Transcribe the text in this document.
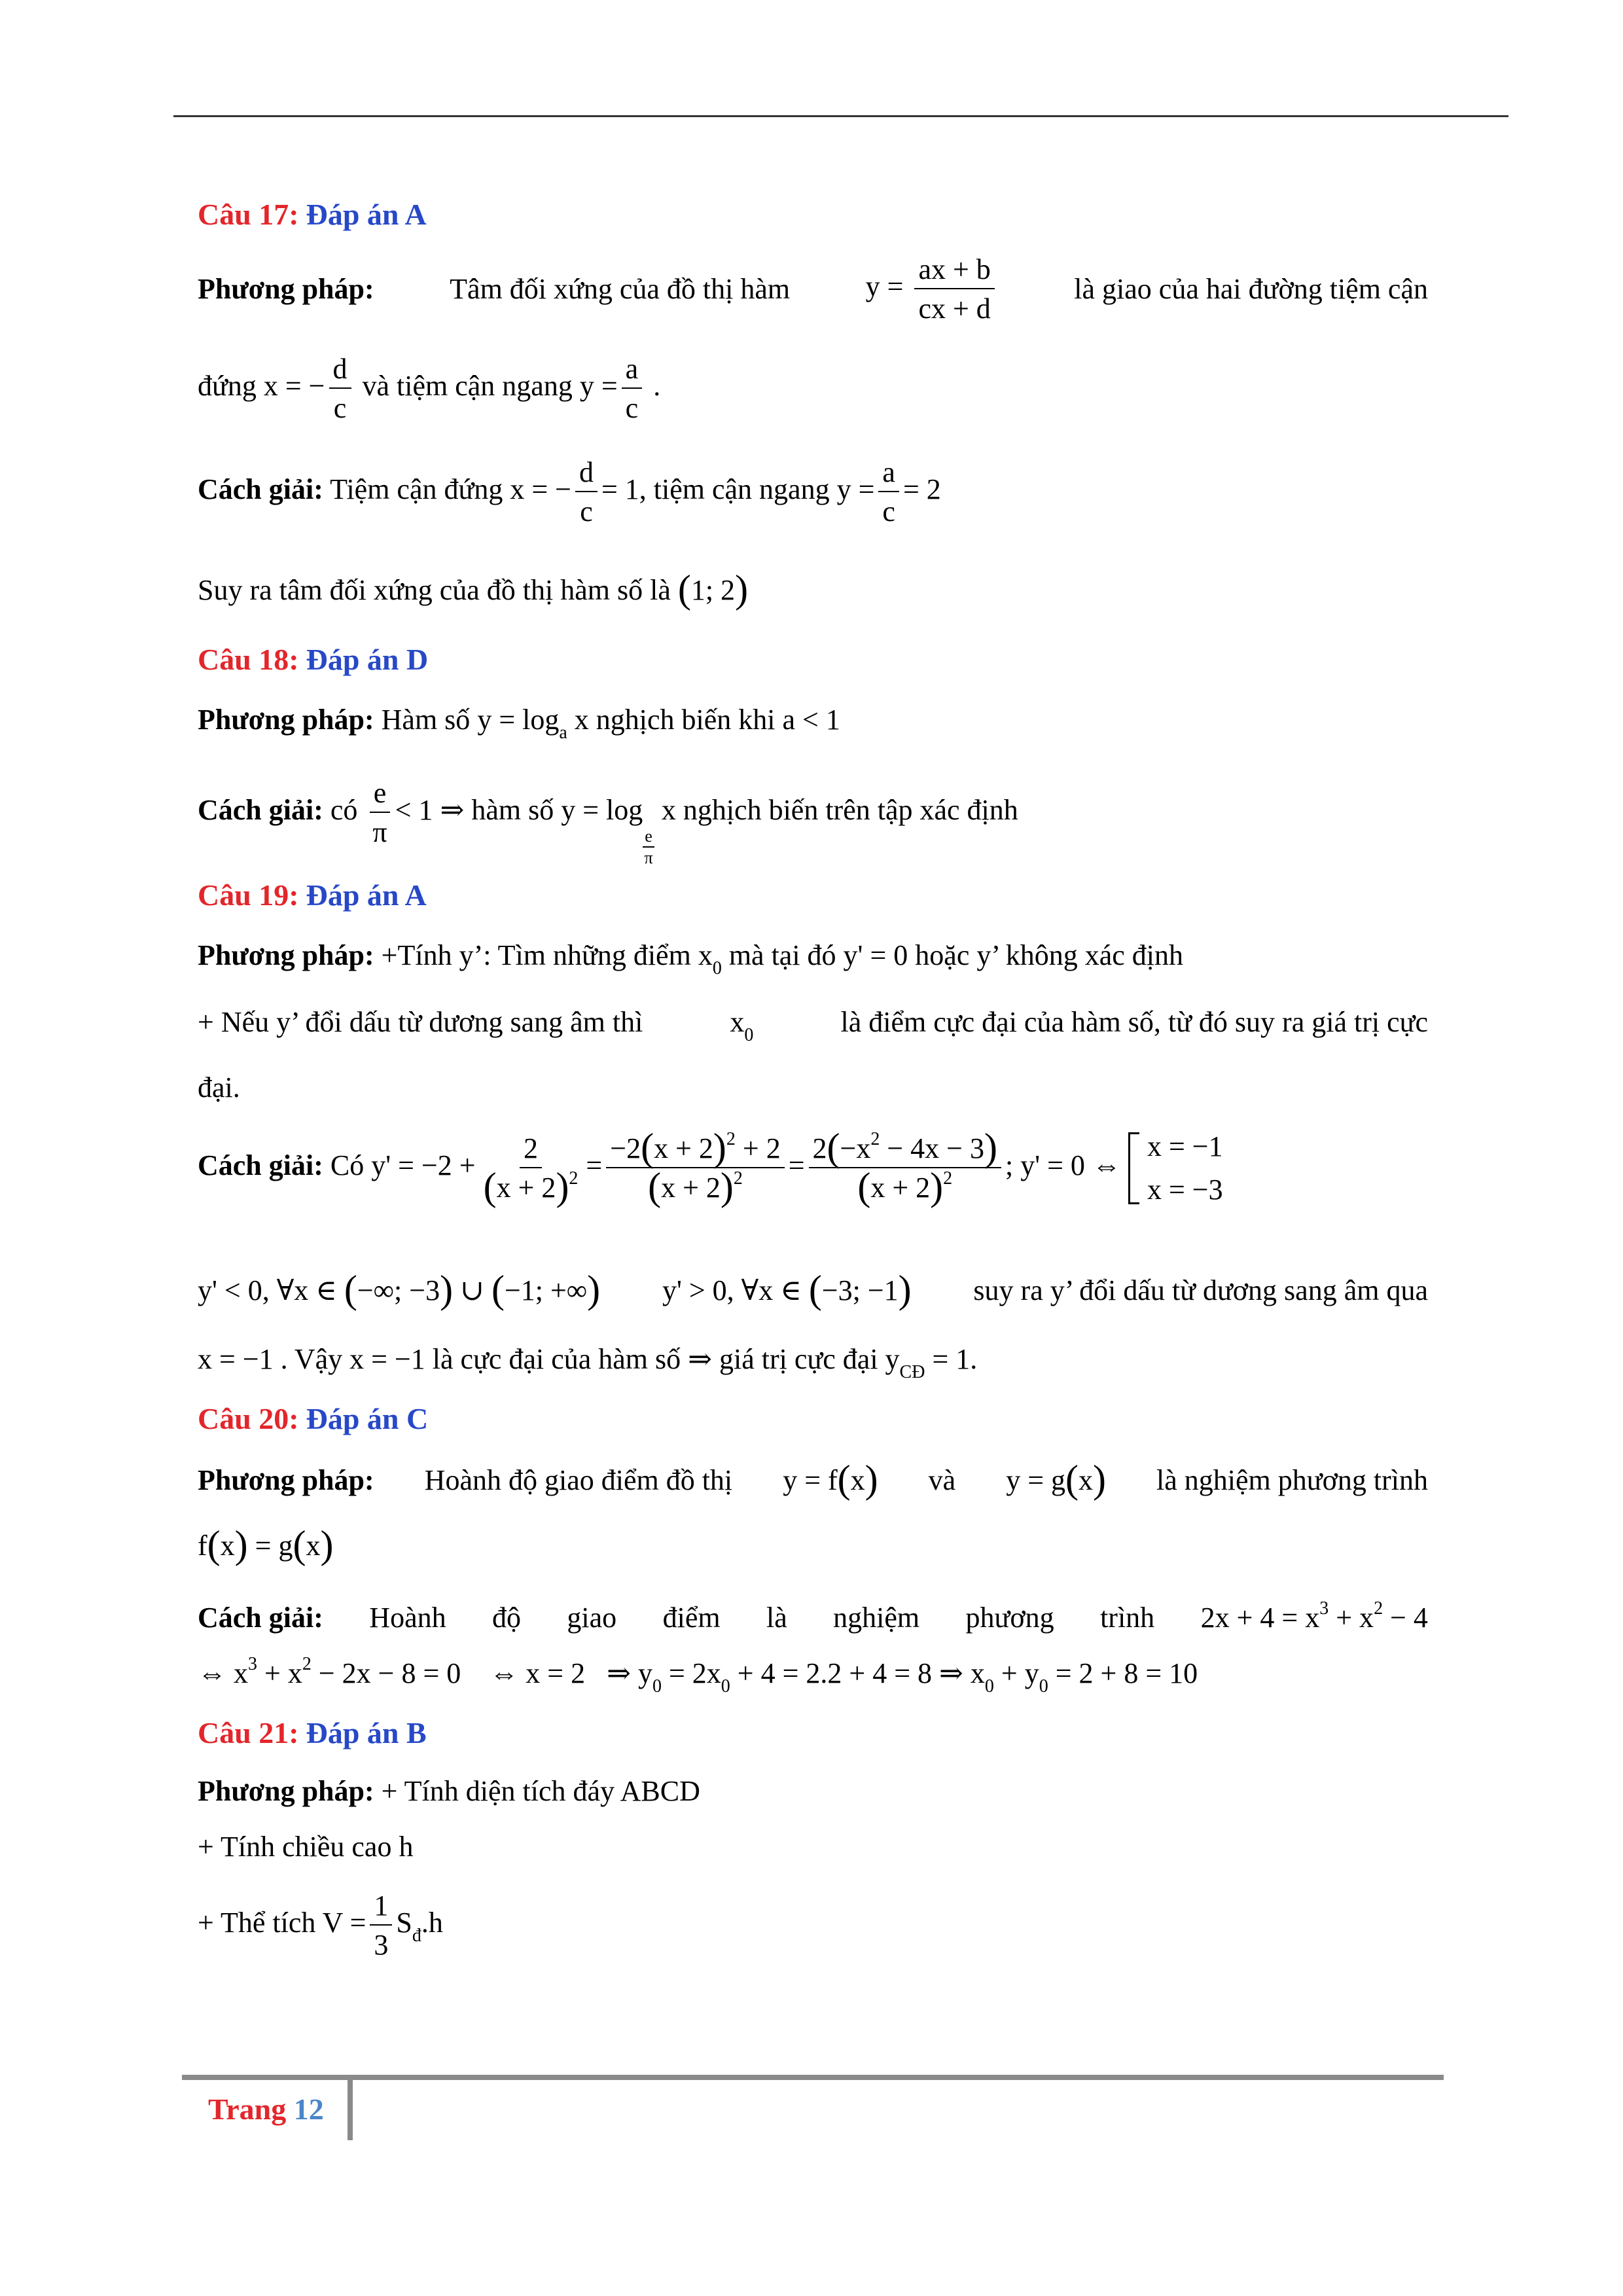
Câu 17: Đáp án A
Phương pháp:	Tâm đối xứng của đồ thị hàm	$y = \frac{ax + b}{cx + d}$	là giao của hai đường tiệm cận
đứng x = − $\frac{d}{c}$ và tiệm cận ngang $y = \frac{a}{c}$ .
Cách giải: Tiệm cận đứng x = − $\frac{d}{c} = 1$, tiệm cận ngang $y = \frac{a}{c} = 2$
Suy ra tâm đối xứng của đồ thị hàm số là (1; 2)
Câu 18: Đáp án D
Phương pháp: Hàm số $y = \log_a x$ nghịch biến khi a < 1
Cách giải: có $\frac{e}{\pi} < 1$ ⇒ hàm số y = log
$\frac{e}{\pi}$
x nghịch biến trên tập xác định
Câu 19: Đáp án A
Phương pháp: +Tính y’: Tìm những điểm $x_0$ mà tại đó y' = 0 hoặc y’ không xác định
+ Nếu y’ đổi dấu từ dương sang âm thì	$x_0$	là điểm cực đại của hàm số, từ đó suy ra giá trị cực
đại.
Cách giải: Có $y' = -2 + \frac{2}{(x + 2)^2} = \frac{-2(x + 2)^2 + 2}{(x + 2)^2} = \frac{2(-x^2 - 4x - 3)}{(x + 2)^2}$ ; y' = 0 ⇔
x = −1
x = −3
y' < 0, ∀x ∈ (−∞; −3) ∪ (−1; +∞) y' > 0, ∀x ∈ (−3; −1) suy ra y’ đổi dấu từ dương sang âm qua
x = −1 . Vậy x = −1 là cực đại của hàm số ⇒ giá trị cực đại $y_{CĐ} = 1$.
Câu 20: Đáp án C
Phương pháp: Hoành độ giao điểm đồ thị y = f(x) và y = g(x) là nghiệm phương trình
f(x) = g(x)
Cách giải: Hoành độ giao điểm là nghiệm phương trình $2x + 4 = x^3 + x^2 - 4$
⇔ $x^3 + x^2 - 2x - 8 = 0$    ⇔ x = 2   ⇒ $y_0 = 2x_0 + 4 = 2.2 + 4 = 8$ ⇒ $x_0 + y_0 = 2 + 8 = 10$
Câu 21: Đáp án B
Phương pháp: + Tính diện tích đáy ABCD
+ Tính chiều cao h
+ Thể tích $V = \frac{1}{3} S_đ.h$
Trang 12
